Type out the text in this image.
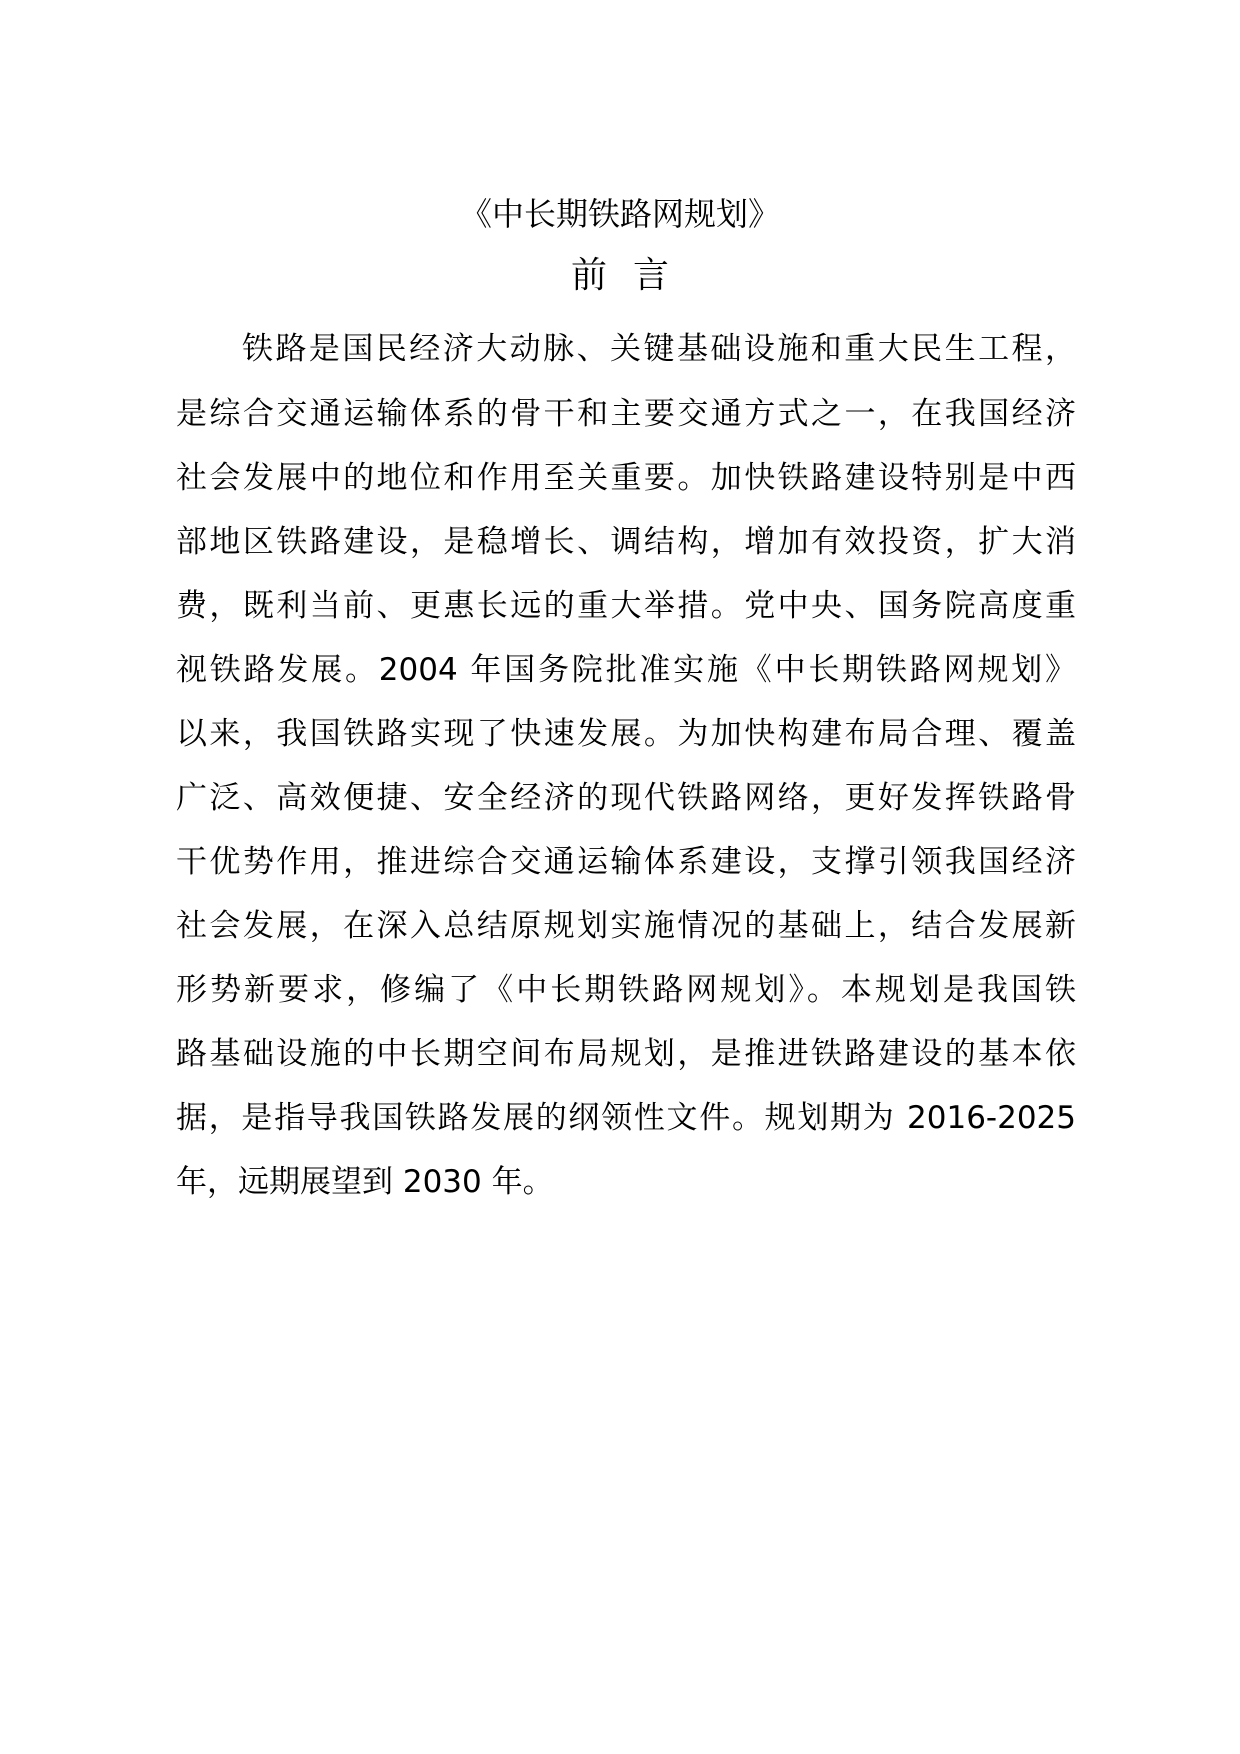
《中长期铁路网规划》
前 言
铁路是国民经济大动脉、关键基础设施和重大民生工程，
是综合交通运输体系的骨干和主要交通方式之一，在我国经济
社会发展中的地位和作用至关重要。加快铁路建设特别是中西
部地区铁路建设，是稳增长、调结构，增加有效投资，扩大消
费，既利当前、更惠长远的重大举措。党中央、国务院高度重
视铁路发展。2004 年国务院批准实施《中长期铁路网规划》
以来，我国铁路实现了快速发展。为加快构建布局合理、覆盖
广泛、高效便捷、安全经济的现代铁路网络，更好发挥铁路骨
干优势作用，推进综合交通运输体系建设，支撑引领我国经济
社会发展，在深入总结原规划实施情况的基础上，结合发展新
形势新要求，修编了《中长期铁路网规划》。本规划是我国铁
路基础设施的中长期空间布局规划，是推进铁路建设的基本依
据，是指导我国铁路发展的纲领性文件。规划期为 2016-2025
年，远期展望到 2030 年。
